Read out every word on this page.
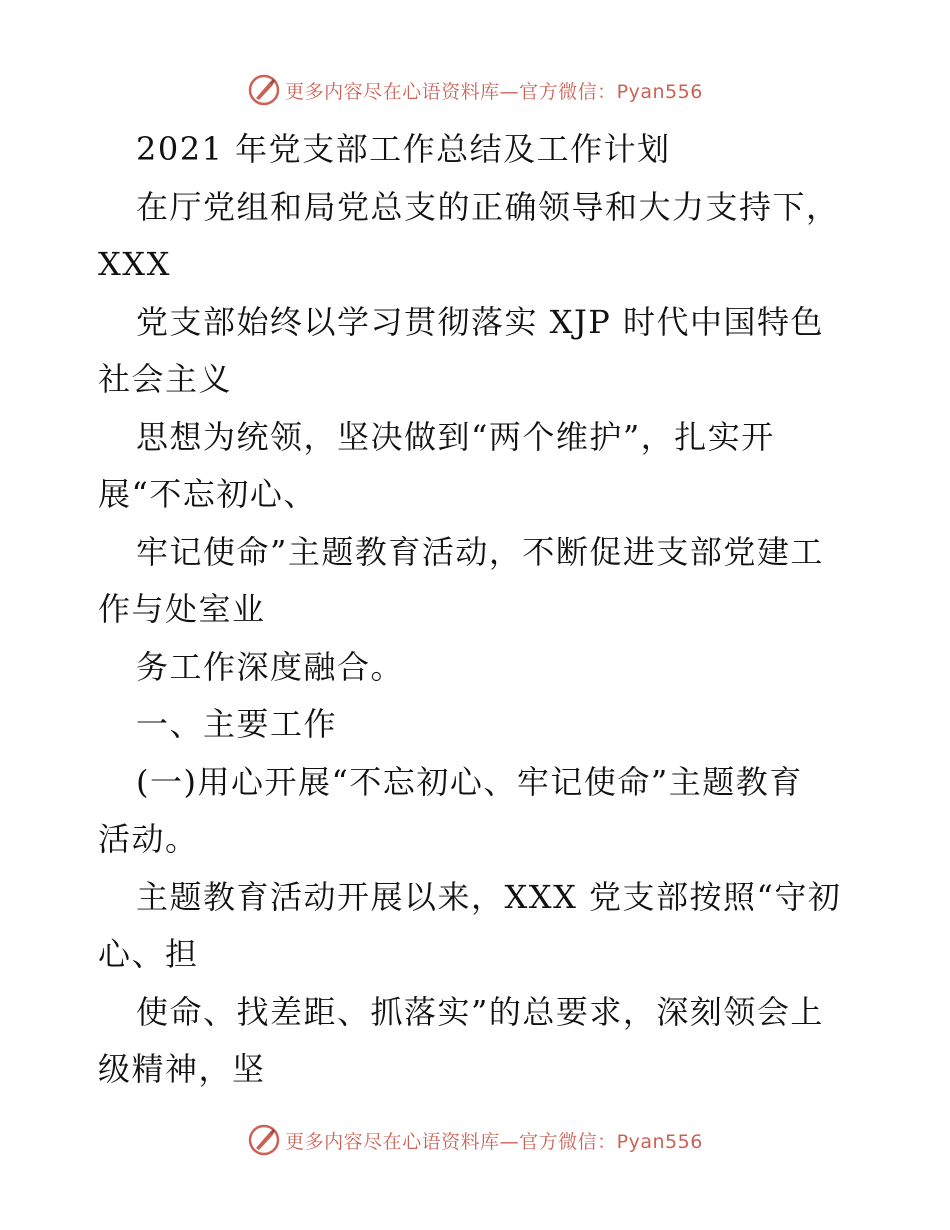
更多内容尽在心语资料库—官方微信：Pyan556
2021 年党支部工作总结及工作计划
在厅党组和局党总支的正确领导和大力支持下，
XXX
党支部始终以学习贯彻落实 XJP 时代中国特色
社会主义
思想为统领，坚决做到“两个维护”，扎实开
展“不忘初心、
牢记使命”主题教育活动，不断促进支部党建工
作与处室业
务工作深度融合。
一、主要工作
(一)用心开展“不忘初心、牢记使命”主题教育
活动。
主题教育活动开展以来，XXX 党支部按照“守初
心、担
使命、找差距、抓落实”的总要求，深刻领会上
级精神，坚
更多内容尽在心语资料库—官方微信：Pyan556
